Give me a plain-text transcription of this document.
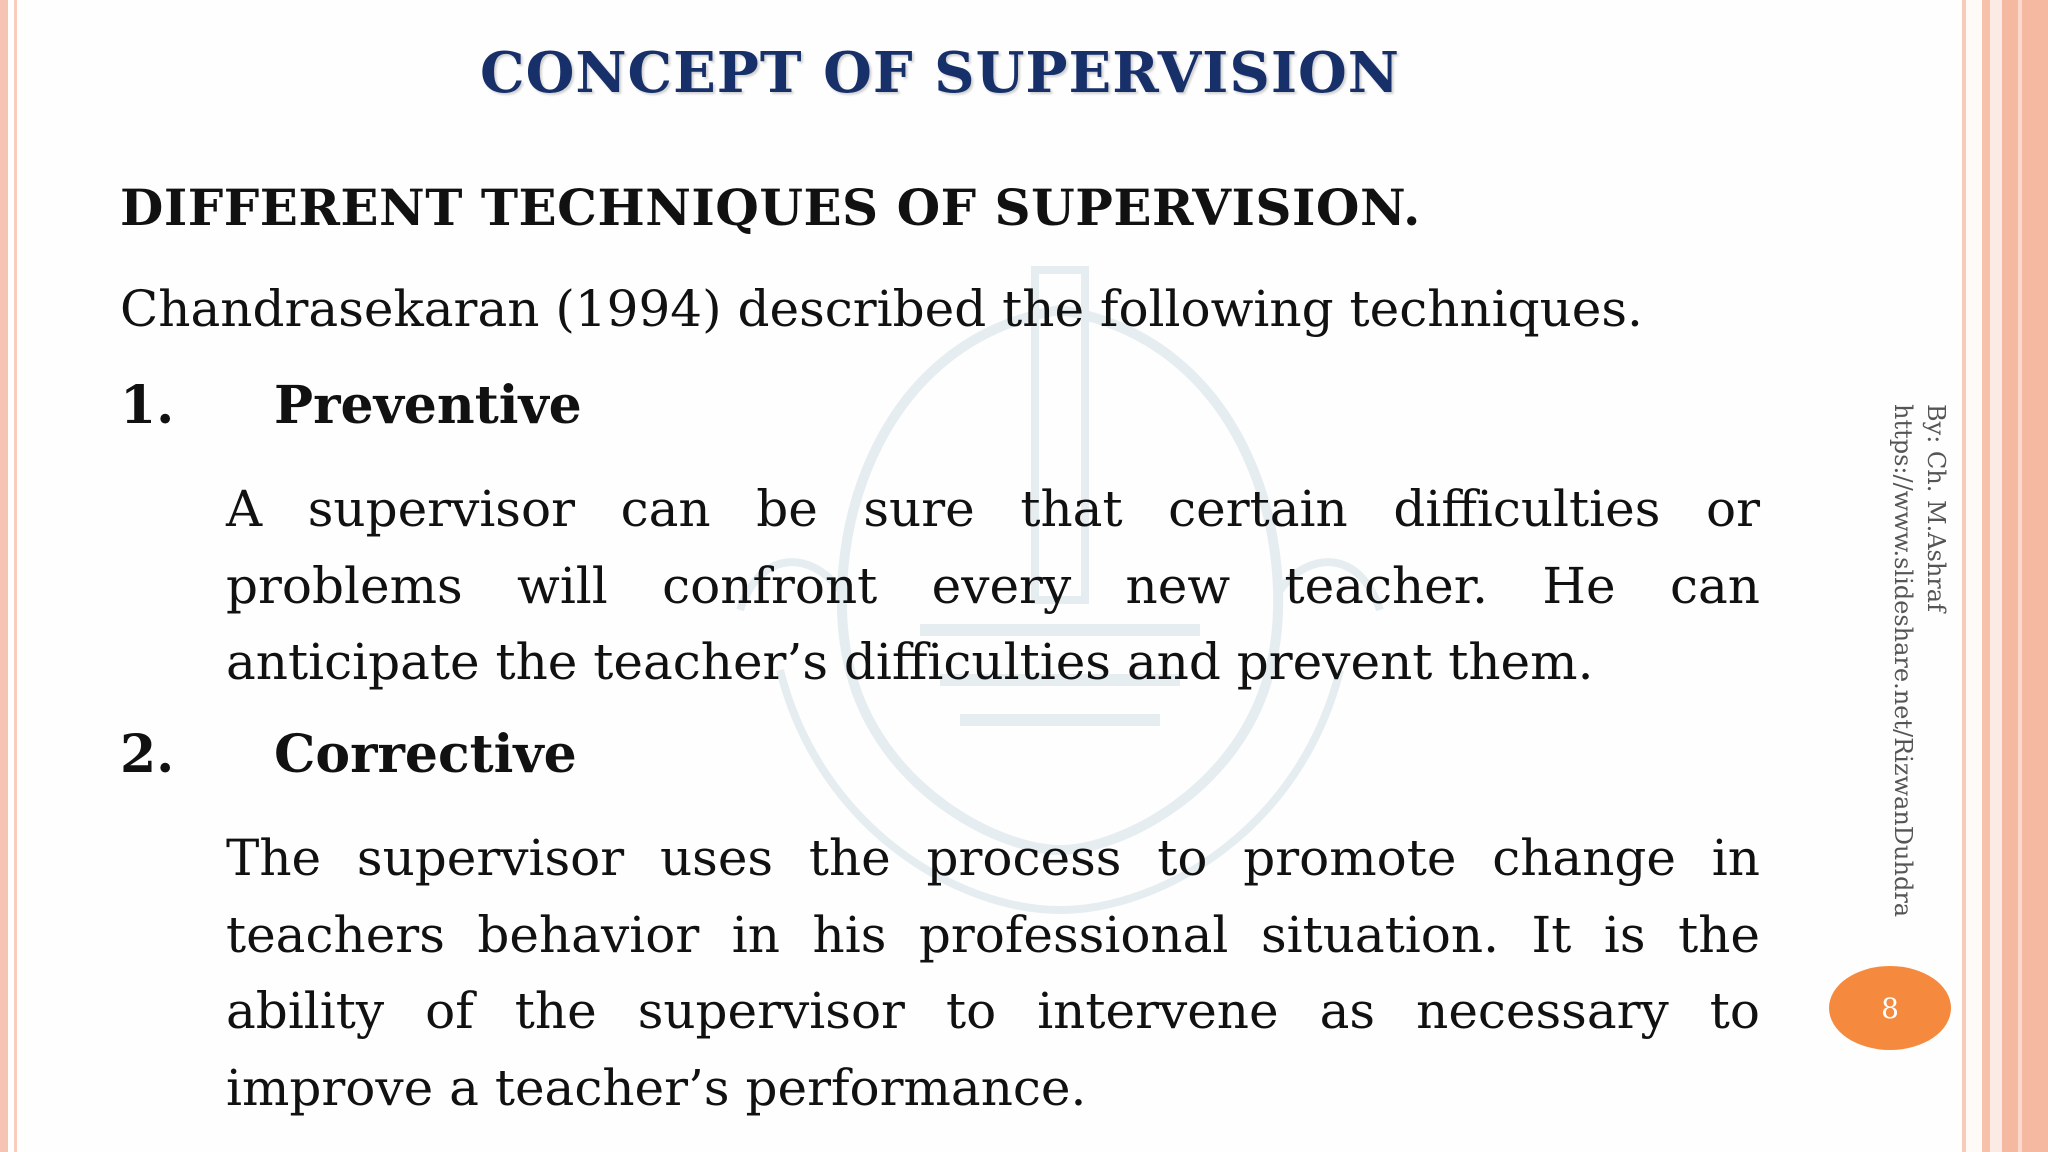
CONCEPT OF SUPERVISION
DIFFERENT TECHNIQUES OF SUPERVISION.
Chandrasekaran (1994) described the following techniques.
1. Preventive
A supervisor can be sure that certain difficulties or problems will confront every new teacher. He can anticipate the teacher’s difficulties and prevent them.
2. Corrective
The supervisor uses the process to promote change in teachers behavior in his professional situation. It is the ability of the supervisor to intervene as necessary to improve a teacher’s performance.
By: Ch. M.Ashraf
https://www.slideshare.net/RizwanDuhdra
8
